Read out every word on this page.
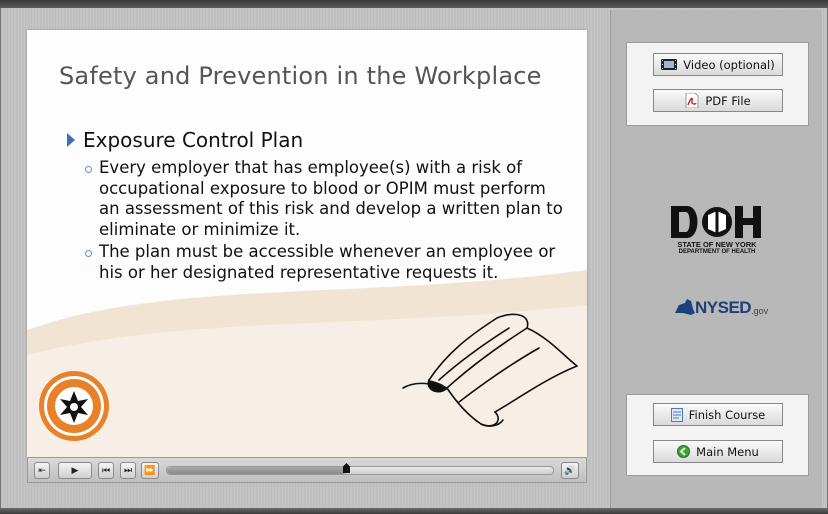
Safety and Prevention in the Workplace
Exposure Control Plan
Every employer that has employee(s) with a risk of occupational exposure to blood or OPIM must perform an assessment of this risk and develop a written plan to eliminate or minimize it.
The plan must be accessible whenever an employee or his or her designated representative requests it.
⇤	▶	⏮ ⏭ ⏩	🔊
Video (optional)
PDF File
STATE OF NEW YORK
DEPARTMENT OF HEALTH
NYSED .gov
Finish Course
Main Menu
